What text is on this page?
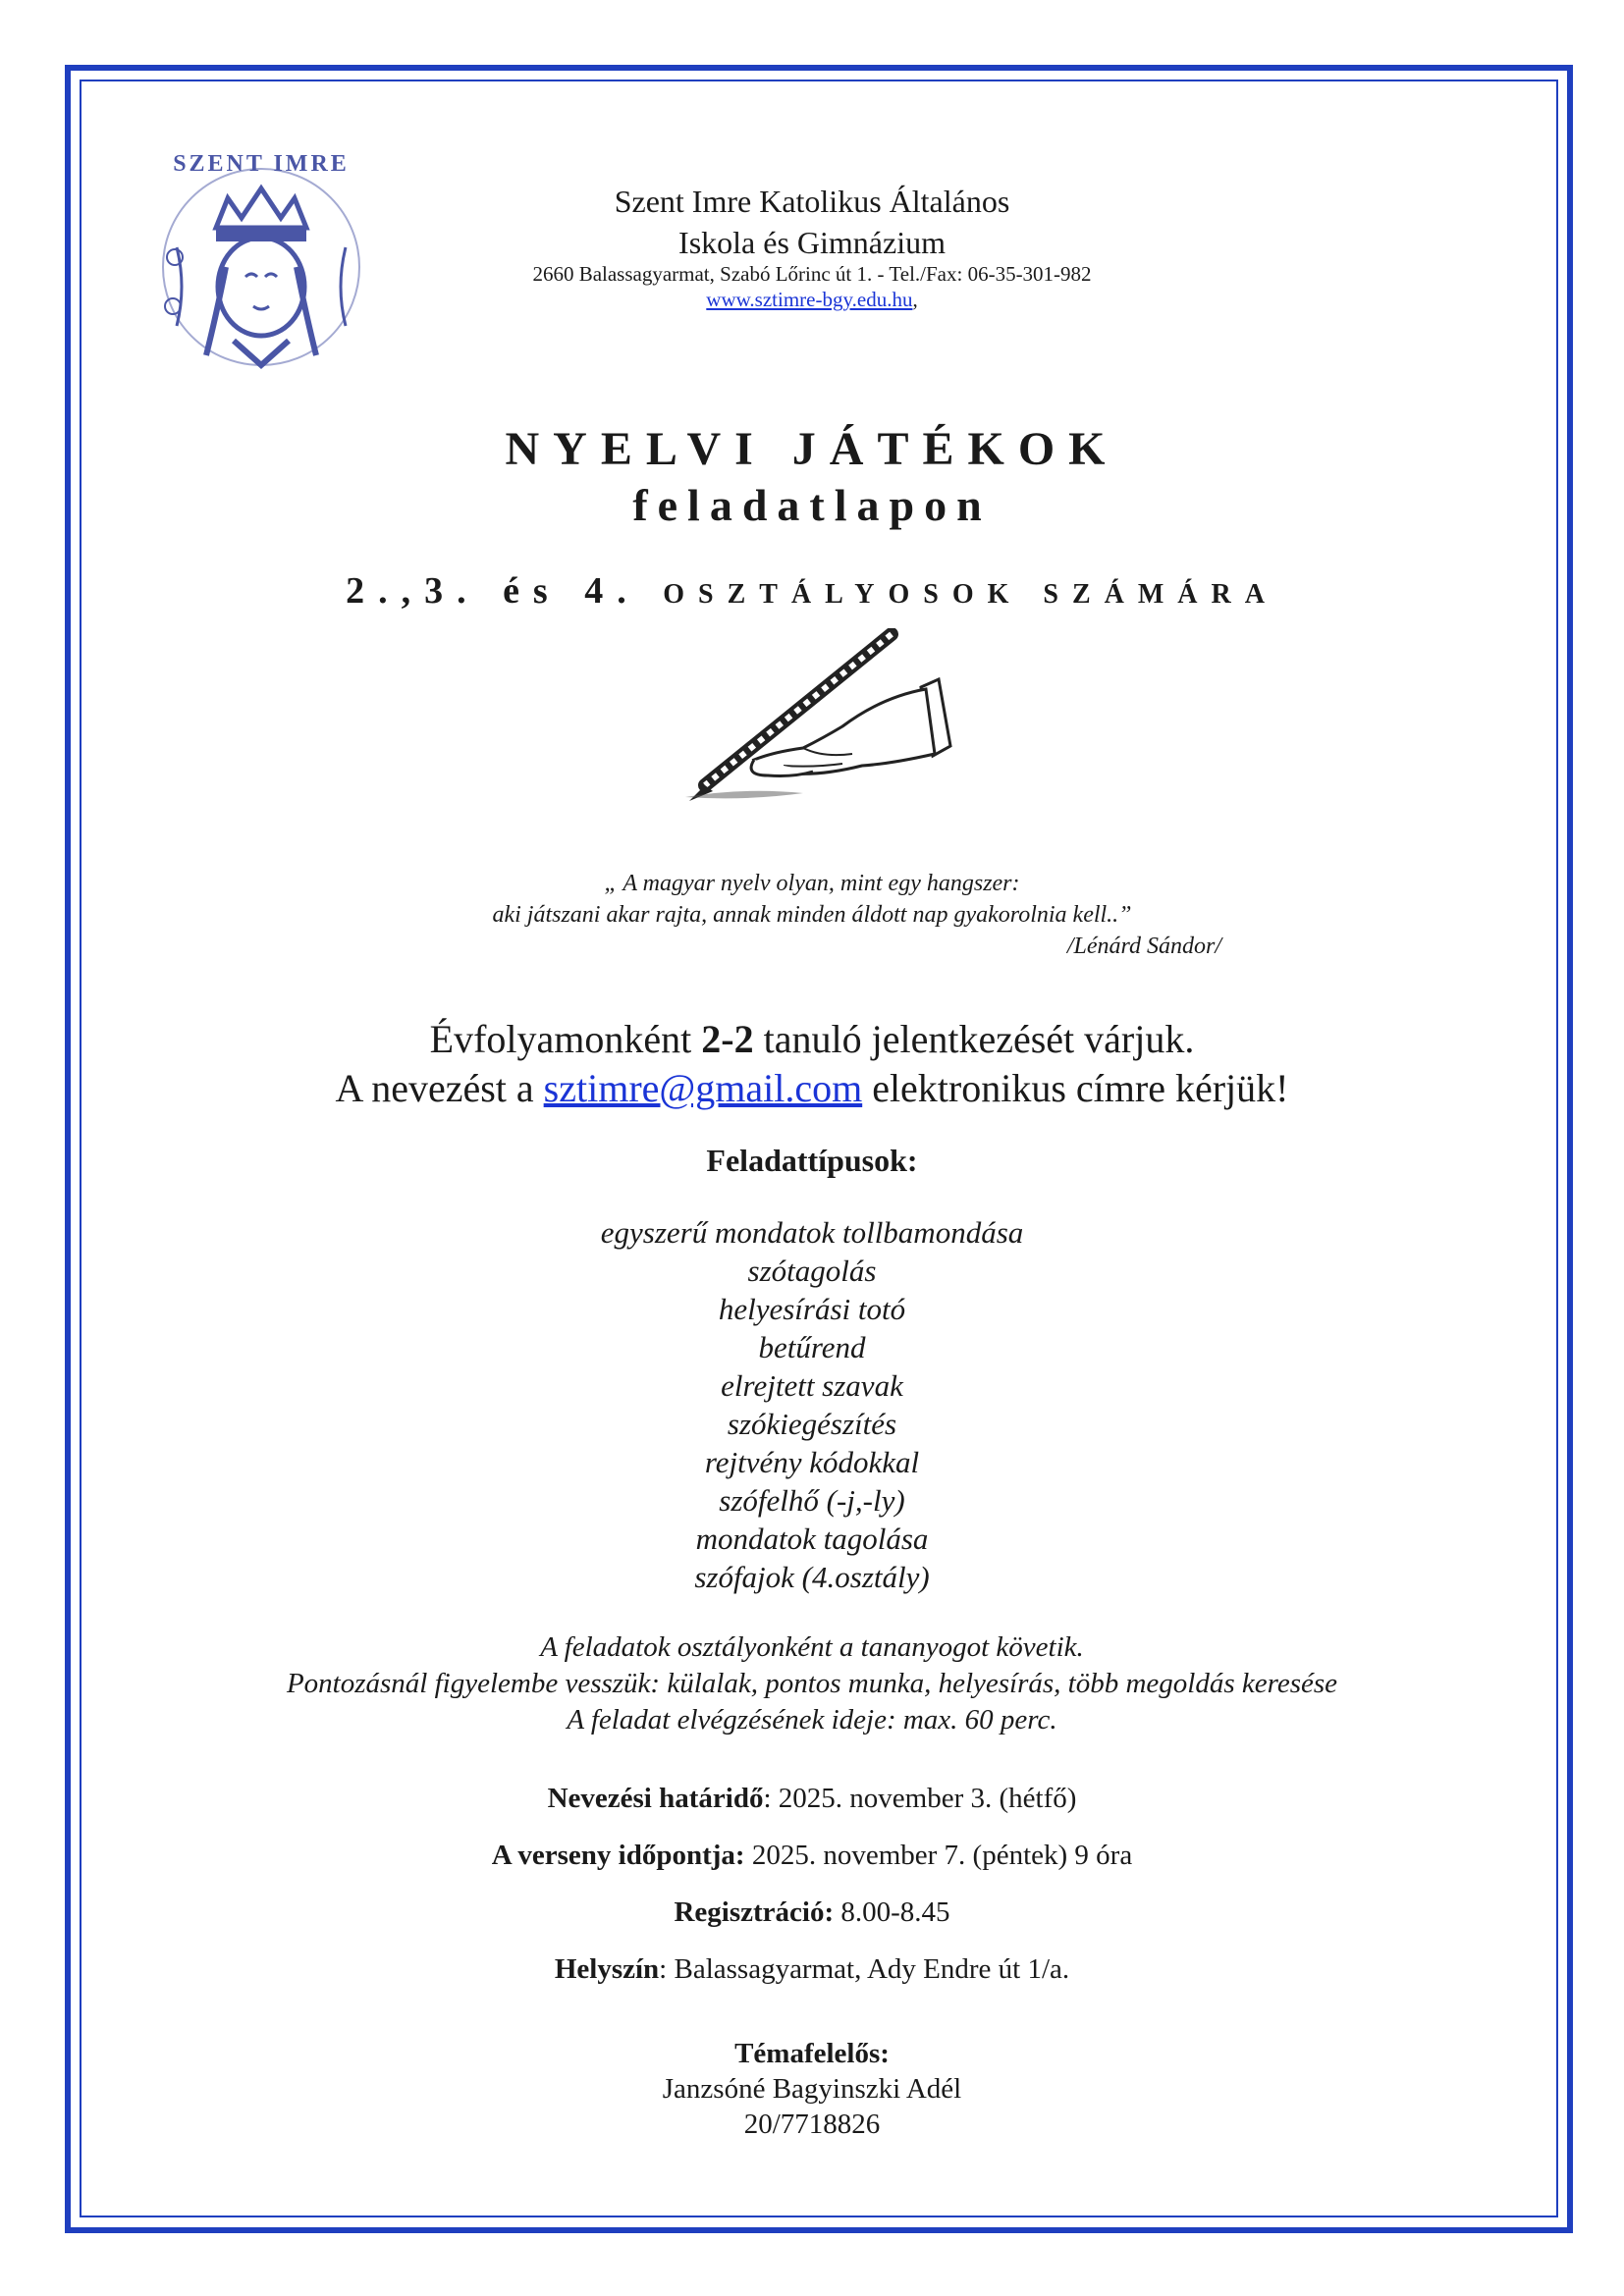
SZENT IMRE
Szent Imre Katolikus Általános
Iskola és Gimnázium
2660 Balassagyarmat, Szabó Lőrinc út 1. - Tel./Fax: 06-35-301-982
www.sztimre-bgy.edu.hu,
NYELVI JÁTÉKOK
feladatlapon
2.,3. és 4. OSZTÁLYOSOK SZÁMÁRA
„ A magyar nyelv olyan, mint egy hangszer:
aki játszani akar rajta, annak minden áldott nap gyakorolnia kell..”
/Lénárd Sándor/
Évfolyamonként 2-2 tanuló jelentkezését várjuk.
A nevezést a sztimre@gmail.com elektronikus címre kérjük!
Feladattípusok:
egyszerű mondatok tollbamondása
szótagolás
helyesírási totó
betűrend
elrejtett szavak
szókiegészítés
rejtvény kódokkal
szófelhő (-j,-ly)
mondatok tagolása
szófajok (4.osztály)
A feladatok osztályonként a tananyogot követik.
Pontozásnál figyelembe vesszük: külalak, pontos munka, helyesírás, több megoldás keresése
A feladat elvégzésének ideje: max. 60 perc.
Nevezési határidő: 2025. november 3. (hétfő)
A verseny időpontja: 2025. november 7. (péntek) 9 óra
Regisztráció: 8.00-8.45
Helyszín: Balassagyarmat, Ady Endre út 1/a.
Témafelelős:
Janzsóné Bagyinszki Adél
20/7718826
